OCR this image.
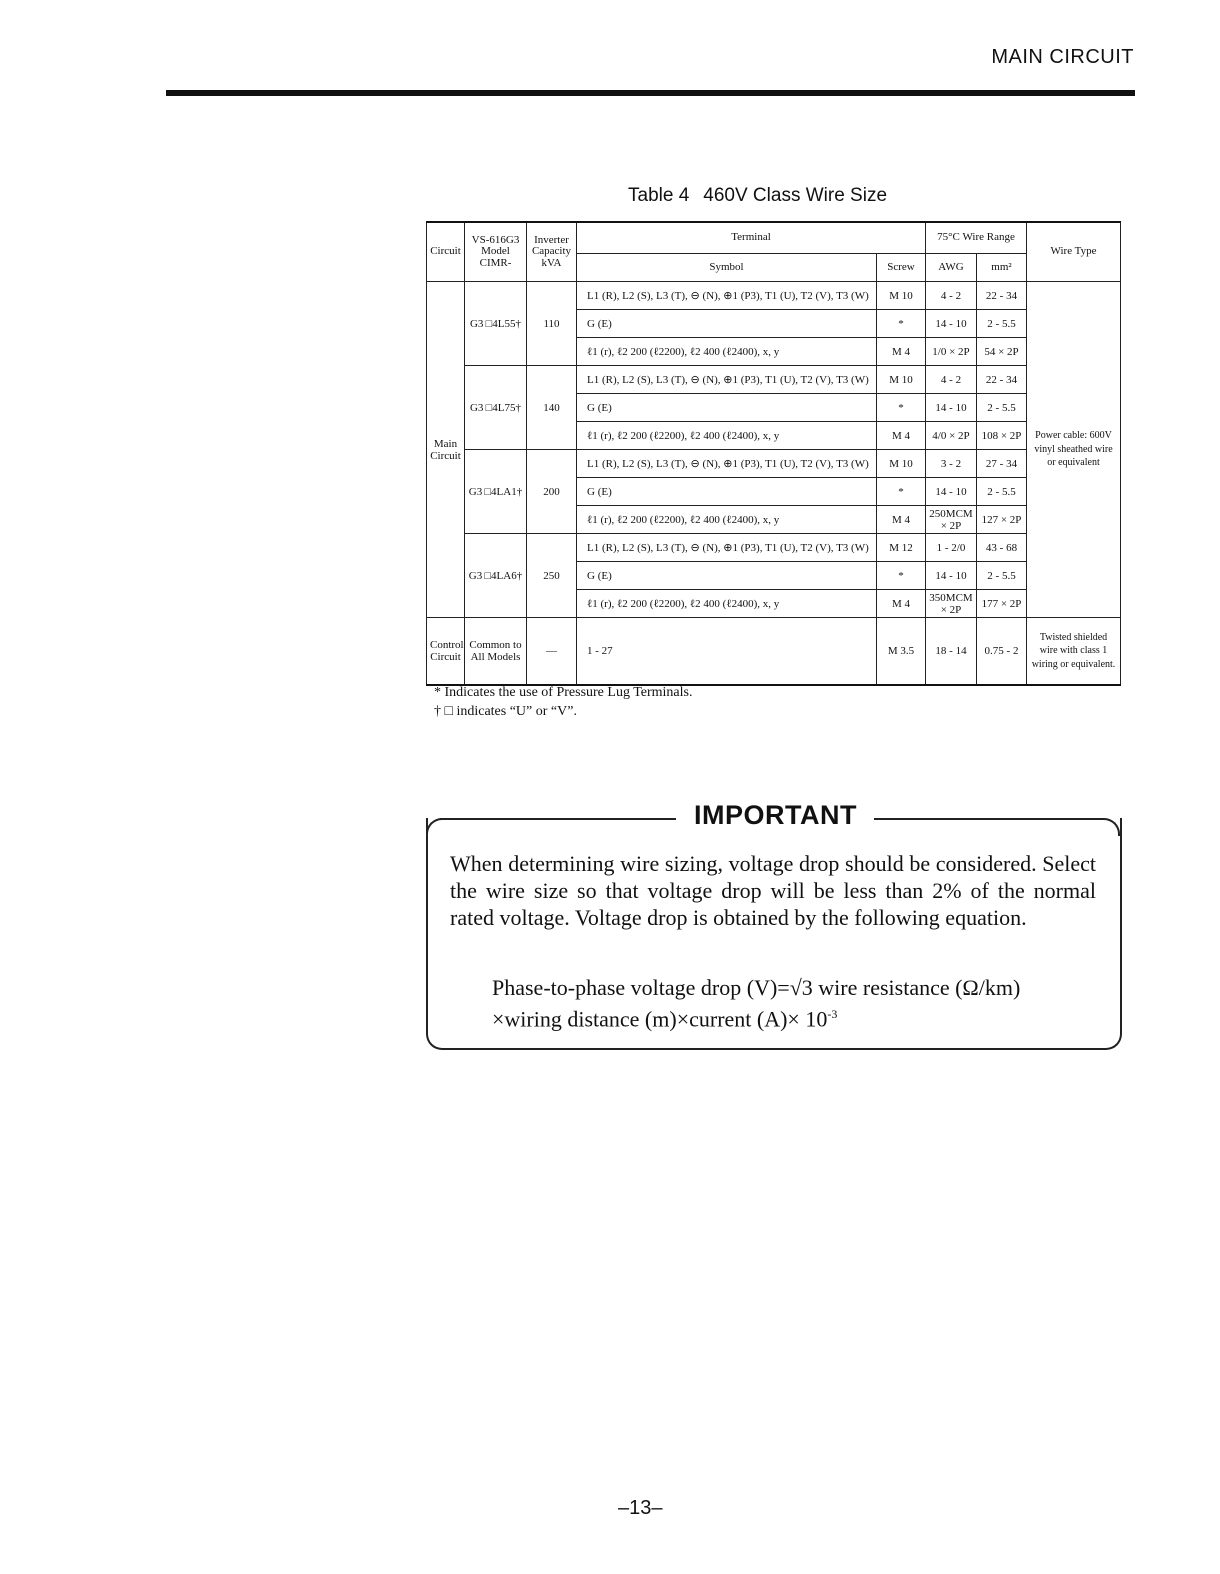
MAIN CIRCUIT
Table 4 460V Class Wire Size
Circuit	VS-616G3 Model CIMR-	Inverter Capacity kVA	Terminal		75°C Wire Range		Wire Type
			Symbol	Screw	AWG	mm²	
Main Circuit	G3 □4L55†	110	L1 (R), L2 (S), L3 (T), ⊖ (N), ⊕1 (P3), T1 (U), T2 (V), T3 (W)	M 10	4 - 2	22 - 34	Power cable: 600V vinyl sheathed wire or equivalent
			G (E)	*	14 - 10	2 - 5.5	
			ℓ1 (r), ℓ2 200 (ℓ2200), ℓ2 400 (ℓ2400), x, y	M 4	1/0 × 2P	54 × 2P	
	G3 □4L75†	140	L1 (R), L2 (S), L3 (T), ⊖ (N), ⊕1 (P3), T1 (U), T2 (V), T3 (W)	M 10	4 - 2	22 - 34	
			G (E)	*	14 - 10	2 - 5.5	
			ℓ1 (r), ℓ2 200 (ℓ2200), ℓ2 400 (ℓ2400), x, y	M 4	4/0 × 2P	108 × 2P	
	G3 □4LA1†	200	L1 (R), L2 (S), L3 (T), ⊖ (N), ⊕1 (P3), T1 (U), T2 (V), T3 (W)	M 10	3 - 2	27 - 34	
			G (E)	*	14 - 10	2 - 5.5	
			ℓ1 (r), ℓ2 200 (ℓ2200), ℓ2 400 (ℓ2400), x, y	M 4	250MCM × 2P	127 × 2P	
	G3 □4LA6†	250	L1 (R), L2 (S), L3 (T), ⊖ (N), ⊕1 (P3), T1 (U), T2 (V), T3 (W)	M 12	1 - 2/0	43 - 68	
			G (E)	*	14 - 10	2 - 5.5	
			ℓ1 (r), ℓ2 200 (ℓ2200), ℓ2 400 (ℓ2400), x, y	M 4	350MCM × 2P	177 × 2P	
Control Circuit	Common to All Models	—	1 - 27	M 3.5	18 - 14	0.75 - 2	Twisted shielded wire with class 1 wiring or equivalent.
* Indicates the use of Pressure Lug Terminals.
† □ indicates “U” or “V”.
IMPORTANT
When determining wire sizing, voltage drop should be considered. Select the wire size so that voltage drop will be less than 2% of the normal rated voltage. Voltage drop is obtained by the following equation.
Phase-to-phase voltage drop (V)=√3 wire resistance (Ω/km)
×wiring distance (m)×current $(A)\times 10^{-3}$
–13–
